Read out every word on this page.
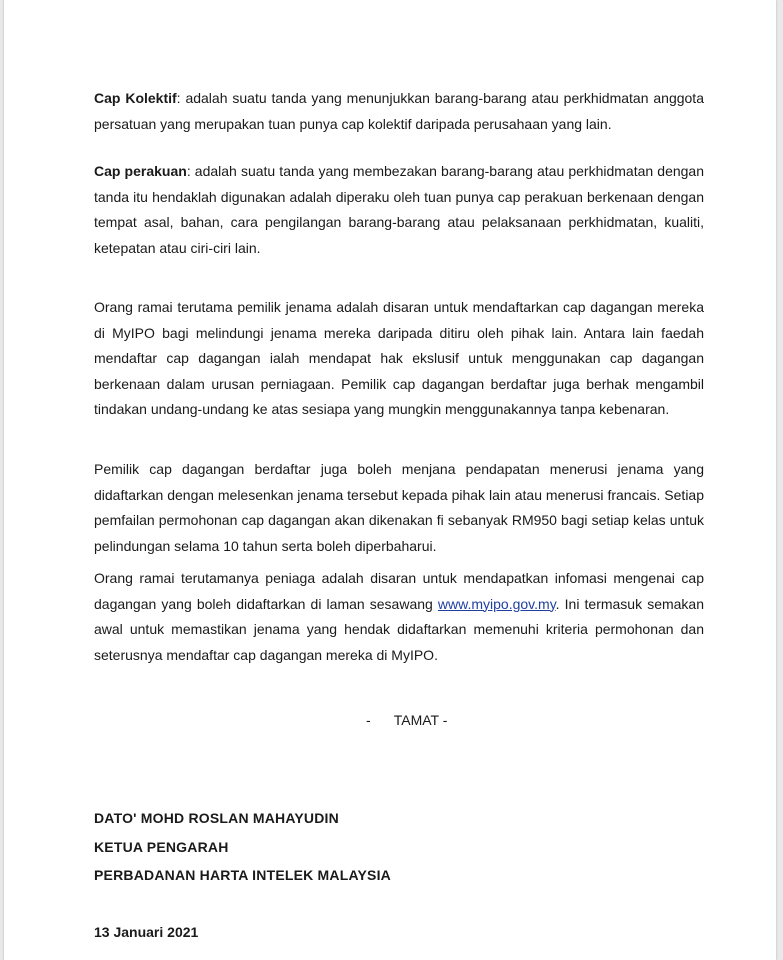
Cap Kolektif: adalah suatu tanda yang menunjukkan barang-barang atau perkhidmatan anggota persatuan yang merupakan tuan punya cap kolektif daripada perusahaan yang lain.

Cap perakuan: adalah suatu tanda yang membezakan barang-barang atau perkhidmatan dengan tanda itu hendaklah digunakan adalah diperaku oleh tuan punya cap perakuan berkenaan dengan tempat asal, bahan, cara pengilangan barang-barang atau pelaksanaan perkhidmatan, kualiti, ketepatan atau ciri-ciri lain.

Orang ramai terutama pemilik jenama adalah disaran untuk mendaftarkan cap dagangan mereka di MyIPO bagi melindungi jenama mereka daripada ditiru oleh pihak lain. Antara lain faedah mendaftar cap dagangan ialah mendapat hak ekslusif untuk menggunakan cap dagangan berkenaan dalam urusan perniagaan. Pemilik cap dagangan berdaftar juga berhak mengambil tindakan undang-undang ke atas sesiapa yang mungkin menggunakannya tanpa kebenaran.

Pemilik cap dagangan berdaftar juga boleh menjana pendapatan menerusi jenama yang didaftarkan dengan melesenkan jenama tersebut kepada pihak lain atau menerusi francais. Setiap pemfailan permohonan cap dagangan akan dikenakan fi sebanyak RM950 bagi setiap kelas untuk pelindungan selama 10 tahun serta boleh diperbaharui.

Orang ramai terutamanya peniaga adalah disaran untuk mendapatkan infomasi mengenai cap dagangan yang boleh didaftarkan di laman sesawang www.myipo.gov.my. Ini termasuk semakan awal untuk memastikan jenama yang hendak didaftarkan memenuhi kriteria permohonan dan seterusnya mendaftar cap dagangan mereka di MyIPO.

-      TAMAT -
DATO' MOHD ROSLAN MAHAYUDIN
KETUA PENGARAH
PERBADANAN HARTA INTELEK MALAYSIA
13 Januari 2021
